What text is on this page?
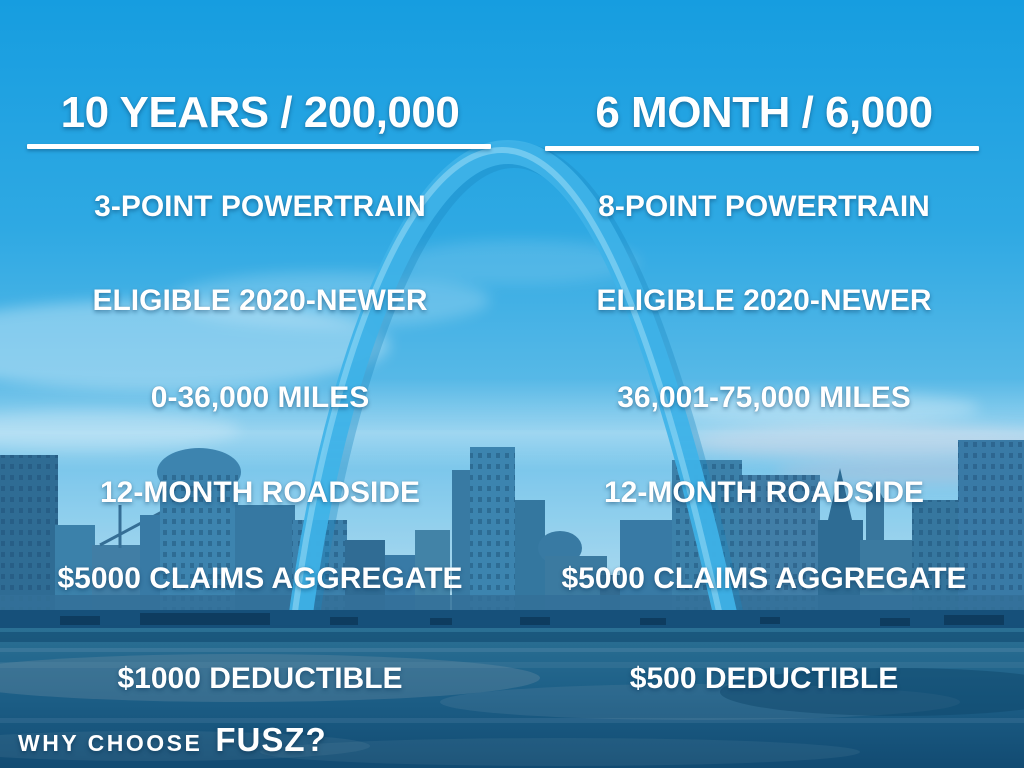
10 YEARS / 200,000
3-POINT POWERTRAIN
ELIGIBLE 2020-NEWER
0-36,000 MILES
12-MONTH ROADSIDE
$5000 CLAIMS AGGREGATE
$1000 DEDUCTIBLE
6 MONTH / 6,000
8-POINT POWERTRAIN
ELIGIBLE 2020-NEWER
36,001-75,000 MILES
12-MONTH ROADSIDE
$5000 CLAIMS AGGREGATE
$500 DEDUCTIBLE
WHY CHOOSE FUSZ?
